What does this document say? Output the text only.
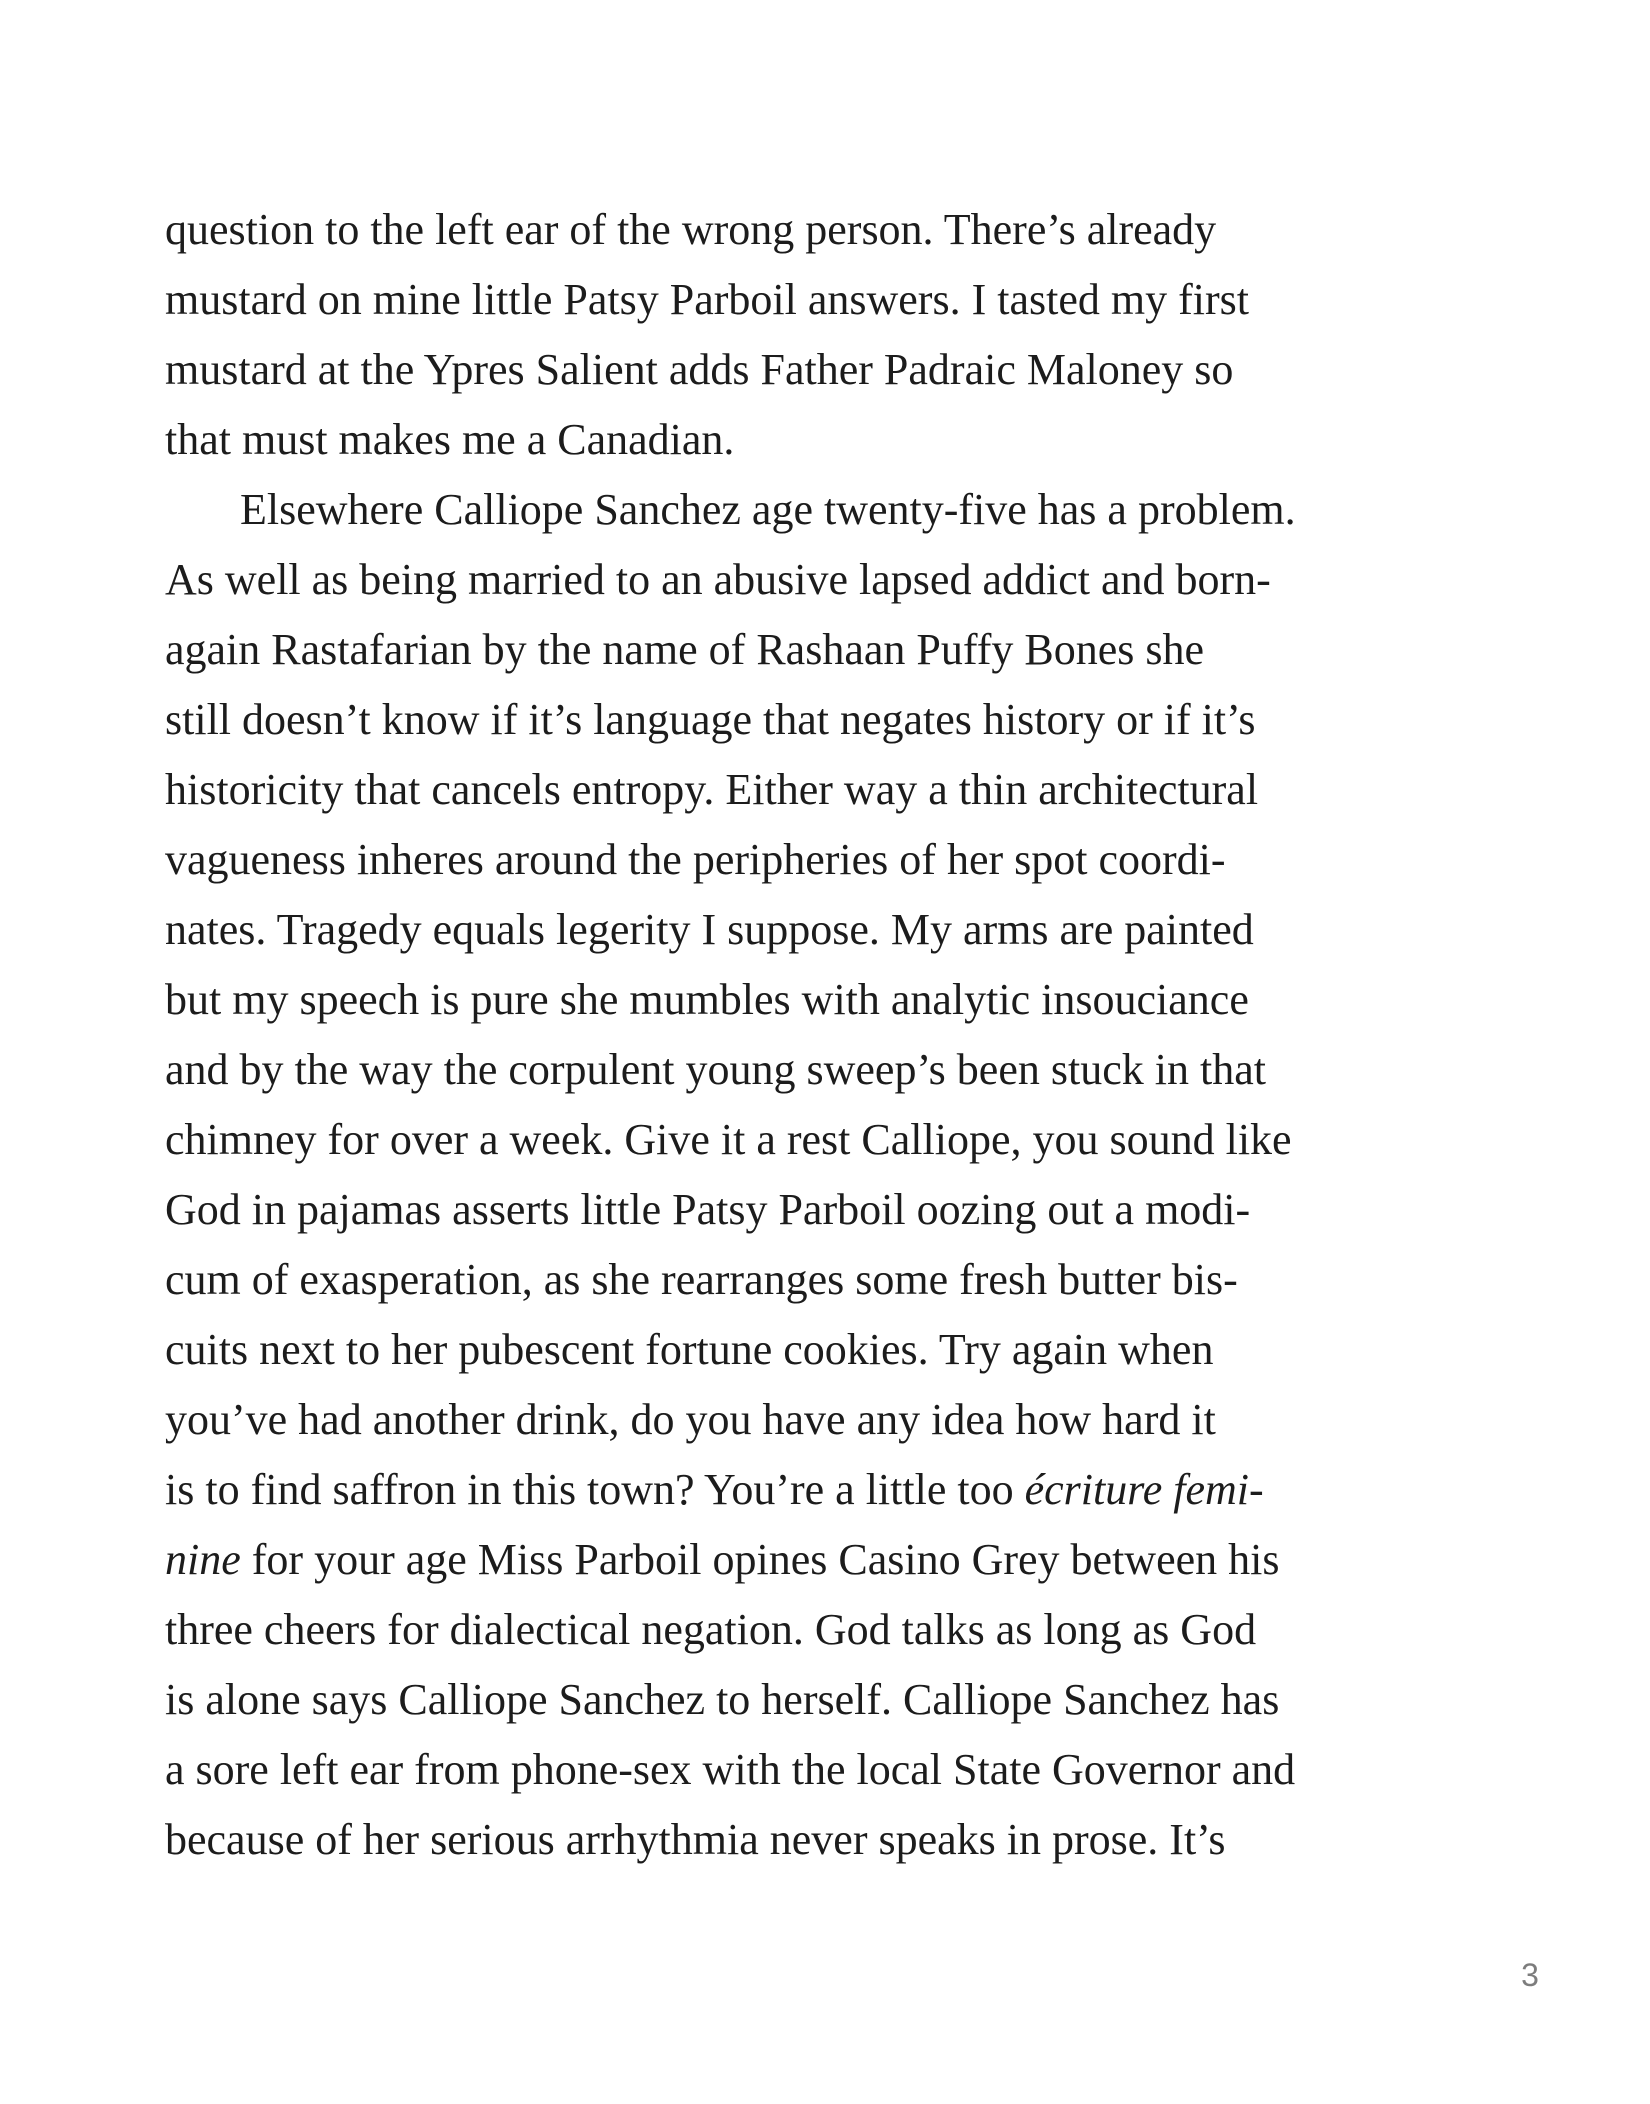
question to the left ear of the wrong person. There’s already
mustard on mine little Patsy Parboil answers. I tasted my first
mustard at the Ypres Salient adds Father Padraic Maloney so
that must makes me a Canadian.
Elsewhere Calliope Sanchez age twenty-five has a problem.
As well as being married to an abusive lapsed addict and born-
again Rastafarian by the name of Rashaan Puffy Bones she
still doesn’t know if it’s language that negates history or if it’s
historicity that cancels entropy. Either way a thin architectural
vagueness inheres around the peripheries of her spot coordi-
nates. Tragedy equals legerity I suppose. My arms are painted
but my speech is pure she mumbles with analytic insouciance
and by the way the corpulent young sweep’s been stuck in that
chimney for over a week. Give it a rest Calliope, you sound like
God in pajamas asserts little Patsy Parboil oozing out a modi-
cum of exasperation, as she rearranges some fresh butter bis-
cuits next to her pubescent fortune cookies. Try again when
you’ve had another drink, do you have any idea how hard it
is to find saffron in this town? You’re a little too écriture femi-
nine for your age Miss Parboil opines Casino Grey between his
three cheers for dialectical negation. God talks as long as God
is alone says Calliope Sanchez to herself. Calliope Sanchez has
a sore left ear from phone-sex with the local State Governor and
because of her serious arrhythmia never speaks in prose. It’s
3
